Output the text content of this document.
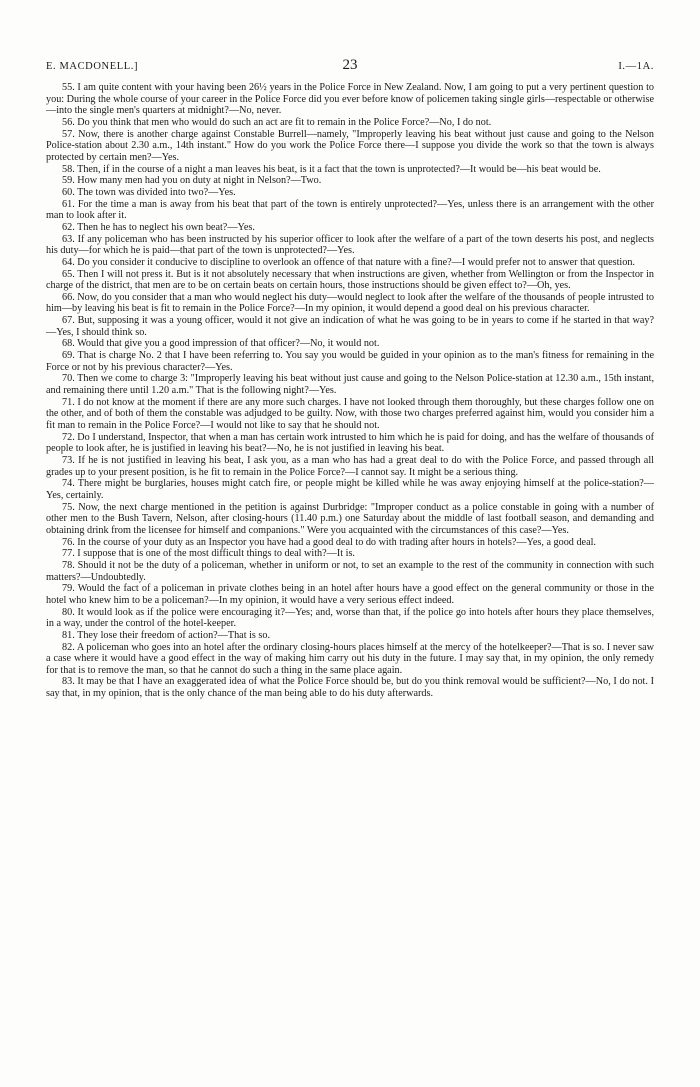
E. MACDONELL.]	23	I.—1A.

55. I am quite content with your having been 26½ years in the Police Force in New Zealand. Now, I am going to put a very pertinent question to you: During the whole course of your career in the Police Force did you ever before know of policemen taking single girls—respectable or otherwise—into the single men's quarters at midnight?—No, never.

56. Do you think that men who would do such an act are fit to remain in the Police Force?—No, I do not.

57. Now, there is another charge against Constable Burrell—namely, "Improperly leaving his beat without just cause and going to the Nelson Police-station about 2.30 a.m., 14th instant." How do you work the Police Force there—I suppose you divide the work so that the town is always protected by certain men?—Yes.

58. Then, if in the course of a night a man leaves his beat, is it a fact that the town is unprotected?—It would be—his beat would be.

59. How many men had you on duty at night in Nelson?—Two.

60. The town was divided into two?—Yes.

61. For the time a man is away from his beat that part of the town is entirely unprotected?—Yes, unless there is an arrangement with the other man to look after it.

62. Then he has to neglect his own beat?—Yes.

63. If any policeman who has been instructed by his superior officer to look after the welfare of a part of the town deserts his post, and neglects his duty—for which he is paid—that part of the town is unprotected?—Yes.

64. Do you consider it conducive to discipline to overlook an offence of that nature with a fine?—I would prefer not to answer that question.

65. Then I will not press it. But is it not absolutely necessary that when instructions are given, whether from Wellington or from the Inspector in charge of the district, that men are to be on certain beats on certain hours, those instructions should be given effect to?—Oh, yes.

66. Now, do you consider that a man who would neglect his duty—would neglect to look after the welfare of the thousands of people intrusted to him—by leaving his beat is fit to remain in the Police Force?—In my opinion, it would depend a good deal on his previous character.

67. But, supposing it was a young officer, would it not give an indication of what he was going to be in years to come if he started in that way?—Yes, I should think so.

68. Would that give you a good impression of that officer?—No, it would not.

69. That is charge No. 2 that I have been referring to. You say you would be guided in your opinion as to the man's fitness for remaining in the Force or not by his previous character?—Yes.

70. Then we come to charge 3: "Improperly leaving his beat without just cause and going to the Nelson Police-station at 12.30 a.m., 15th instant, and remaining there until 1.20 a.m." That is the following night?—Yes.

71. I do not know at the moment if there are any more such charges. I have not looked through them thoroughly, but these charges follow one on the other, and of both of them the constable was adjudged to be guilty. Now, with those two charges preferred against him, would you consider him a fit man to remain in the Police Force?—I would not like to say that he should not.

72. Do I understand, Inspector, that when a man has certain work intrusted to him which he is paid for doing, and has the welfare of thousands of people to look after, he is justified in leaving his beat?—No, he is not justified in leaving his beat.

73. If he is not justified in leaving his beat, I ask you, as a man who has had a great deal to do with the Police Force, and passed through all grades up to your present position, is he fit to remain in the Police Force?—I cannot say. It might be a serious thing.

74. There might be burglaries, houses might catch fire, or people might be killed while he was away enjoying himself at the police-station?—Yes, certainly.

75. Now, the next charge mentioned in the petition is against Durbridge: "Improper conduct as a police constable in going with a number of other men to the Bush Tavern, Nelson, after closing-hours (11.40 p.m.) one Saturday about the middle of last football season, and demanding and obtaining drink from the licensee for himself and companions." Were you acquainted with the circumstances of this case?—Yes.

76. In the course of your duty as an Inspector you have had a good deal to do with trading after hours in hotels?—Yes, a good deal.

77. I suppose that is one of the most difficult things to deal with?—It is.

78. Should it not be the duty of a policeman, whether in uniform or not, to set an example to the rest of the community in connection with such matters?—Undoubtedly.

79. Would the fact of a policeman in private clothes being in an hotel after hours have a good effect on the general community or those in the hotel who knew him to be a policeman?—In my opinion, it would have a very serious effect indeed.

80. It would look as if the police were encouraging it?—Yes; and, worse than that, if the police go into hotels after hours they place themselves, in a way, under the control of the hotel-keeper.

81. They lose their freedom of action?—That is so.

82. A policeman who goes into an hotel after the ordinary closing-hours places himself at the mercy of the hotelkeeper?—That is so. I never saw a case where it would have a good effect in the way of making him carry out his duty in the future. I may say that, in my opinion, the only remedy for that is to remove the man, so that he cannot do such a thing in the same place again.

83. It may be that I have an exaggerated idea of what the Police Force should be, but do you think removal would be sufficient?—No, I do not. I say that, in my opinion, that is the only chance of the man being able to do his duty afterwards.
